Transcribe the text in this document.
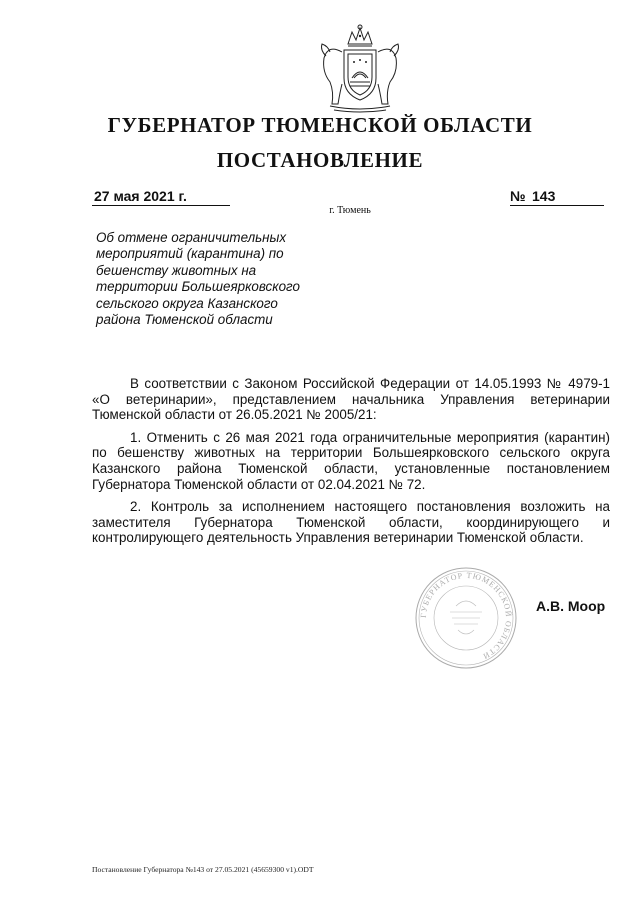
ГУБЕРНАТОР ТЮМЕНСКОЙ ОБЛАСТИ
ПОСТАНОВЛЕНИЕ
27 мая 2021 г.	№ 143
г. Тюмень
Об отмене ограничительных мероприятий (карантина) по бешенству животных на территории Большеярковского сельского округа Казанского района Тюменской области

В соответствии с Законом Российской Федерации от 14.05.1993 № 4979-1 «О ветеринарии», представлением начальника Управления ветеринарии Тюменской области от 26.05.2021 № 2005/21:

1. Отменить с 26 мая 2021 года ограничительные мероприятия (карантин) по бешенству животных на территории Большеярковского сельского округа Казанского района Тюменской области, установленные постановлением Губернатора Тюменской области от 02.04.2021 № 72.

2. Контроль за исполнением настоящего постановления возложить на заместителя Губернатора Тюменской области, координирующего и контролирующего деятельность Управления ветеринарии Тюменской области.

ГУБЕРНАТОР ТЮМЕНСКОЙ ОБЛАСТИ
А.В. Моор
Постановление Губернатора №143 от 27.05.2021 (45659300 v1).ODT
